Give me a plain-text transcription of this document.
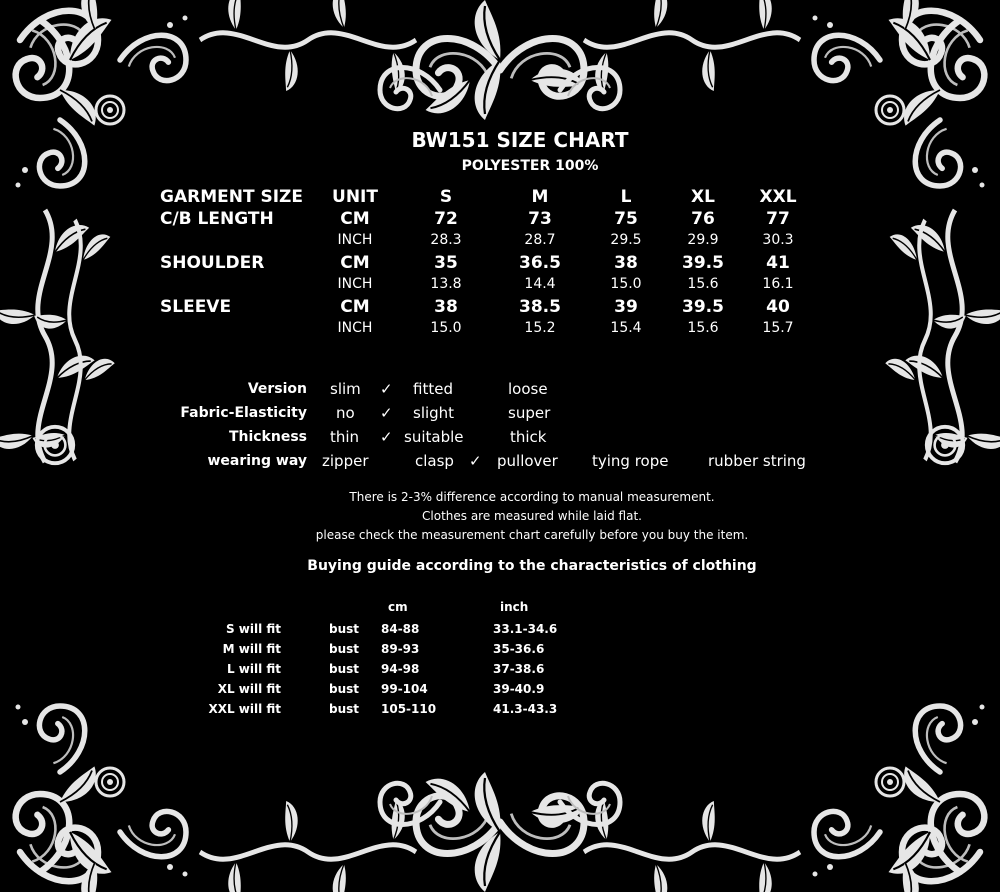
BW151 SIZE CHART
POLYESTER 100%
GARMENT SIZE UNIT	S	M	L	XL	XXL
C/B LENGTH	CM	72	73	75	76	77
INCH	28.3	28.7	29.5	29.9	30.3
SHOULDER	CM	35	36.5	38	39.5 41
INCH	13.8	14.4	15.0	15.6	16.1
SLEEVE	CM	38	38.5	39	39.5 40
INCH	15.0	15.2	15.4	15.6	15.7
Version slim ✓ fitted	loose
Fabric-Elasticity no ✓ slight	super
Thickness thin ✓ suitable	thick
wearing way zipper	clasp ✓ pullover tying rope	rubber string
There is 2-3% difference according to manual measurement.
Clothes are measured while laid flat.
please check the measurement chart carefully before you buy the item.
Buying guide according to the characteristics of clothing
cm	inch
S will fit	bust 84-88	33.1-34.6
M will fit	bust 89-93	35-36.6
L will fit	bust 94-98	37-38.6
XL will fit	bust 99-104	39-40.9
XXL will fit	bust 105-110	41.3-43.3
